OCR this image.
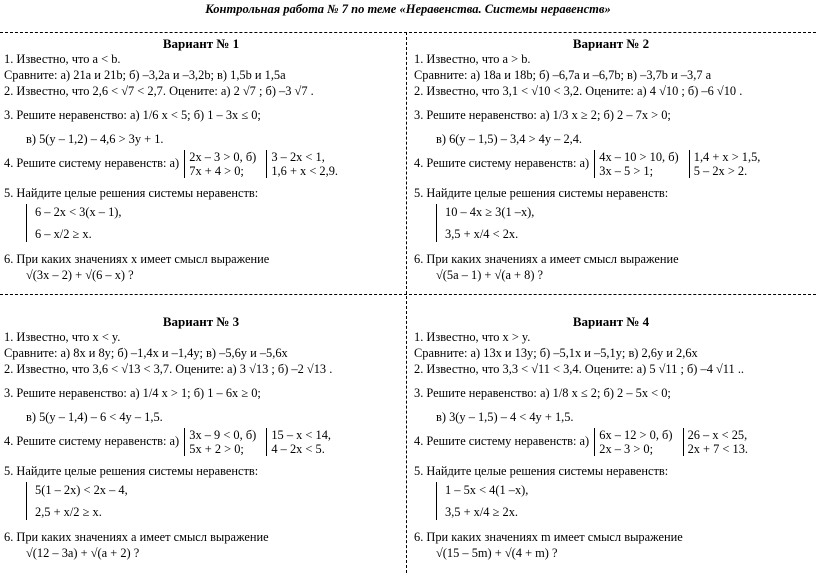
Контрольная работа № 7 по теме «Неравенства. Системы неравенств»
Вариант № 1
1. Известно, что a < b.
Сравните: а) 21a и 21b; б) –3,2a и –3,2b; в) 1,5b и 1,5a
2. Известно, что 2,6 < √7 < 2,7. Оцените: а) 2 √7 ; б) –3 √7 .
3. Решите неравенство: а) 1/6 x < 5; б) 1 – 3x ≤ 0;
в) 5(y – 1,2) – 4,6 > 3y + 1.
4. Решите систему неравенств: а) 2x – 3 > 0, б)
7x + 4 > 0;

3 – 2x < 1,
1,6 + x < 2,9.
5. Найдите целые решения системы неравенств:
6 – 2x < 3(x – 1),
6 – x/2 ≥ x.
6. При каких значениях x имеет смысл выражение
√(3x – 2) + √(6 – x) ?
Вариант № 2
1. Известно, что a > b.
Сравните: а) 18a и 18b; б) –6,7a и –6,7b; в) –3,7b и –3,7 a
2. Известно, что 3,1 < √10 < 3,2. Оцените: а) 4 √10 ; б) –6 √10 .
3. Решите неравенство: а) 1/3 x ≥ 2; б) 2 – 7x > 0;
в) 6(y – 1,5) – 3,4 > 4y – 2,4.
4. Решите систему неравенств: а) 4x – 10 > 10, б)
3x – 5 > 1;

1,4 + x > 1,5,
5 – 2x > 2.
5. Найдите целые решения системы неравенств:
10 – 4x ≥ 3(1 –x),
3,5 + x/4 < 2x.
6. При каких значениях a имеет смысл выражение
√(5a – 1) + √(a + 8) ?
Вариант № 3
1. Известно, что x < y.
Сравните: а) 8x и 8y; б) –1,4x и –1,4y; в) –5,6y и –5,6x
2. Известно, что 3,6 < √13 < 3,7. Оцените: а) 3 √13 ; б) –2 √13 .
3. Решите неравенство: а) 1/4 x > 1; б) 1 – 6x ≥ 0;
в) 5(y – 1,4) – 6 < 4y – 1,5.
4. Решите систему неравенств: а) 3x – 9 < 0, б)
5x + 2 > 0;

15 – x < 14,
4 – 2x < 5.
5. Найдите целые решения системы неравенств:
5(1 – 2x) < 2x – 4,
2,5 + x/2 ≥ x.
6. При каких значениях a имеет смысл выражение
√(12 – 3a) + √(a + 2) ?
Вариант № 4
1. Известно, что x > y.
Сравните: а) 13x и 13y; б) –5,1x и –5,1y; в) 2,6y и 2,6x
2. Известно, что 3,3 < √11 < 3,4. Оцените: а) 5 √11 ; б) –4 √11 ..
3. Решите неравенство: а) 1/8 x ≤ 2; б) 2 – 5x < 0;
в) 3(y – 1,5) – 4 < 4y + 1,5.
4. Решите систему неравенств: а) 6x – 12 > 0, б)
2x – 3 > 0;

26 – x < 25,
2x + 7 < 13.
5. Найдите целые решения системы неравенств:
1 – 5x < 4(1 –x),
3,5 + x/4 ≥ 2x.
6. При каких значениях m имеет смысл выражение
√(15 – 5m) + √(4 + m) ?
